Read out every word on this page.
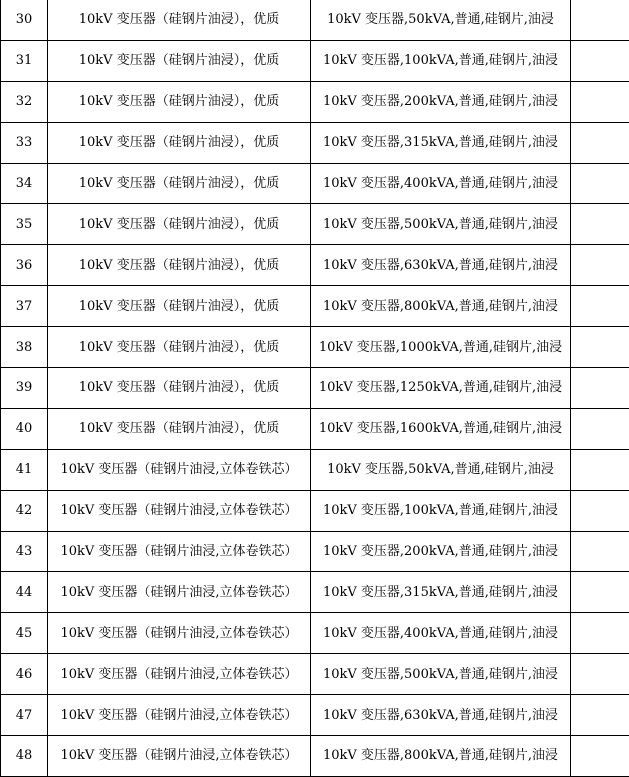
30	10kV 变压器（硅钢片油浸），优质	10kV 变压器,50kVA,普通,硅钢片,油浸	
31	10kV 变压器（硅钢片油浸），优质	10kV 变压器,100kVA,普通,硅钢片,油浸	
32	10kV 变压器（硅钢片油浸），优质	10kV 变压器,200kVA,普通,硅钢片,油浸	
33	10kV 变压器（硅钢片油浸），优质	10kV 变压器,315kVA,普通,硅钢片,油浸	
34	10kV 变压器（硅钢片油浸），优质	10kV 变压器,400kVA,普通,硅钢片,油浸	
35	10kV 变压器（硅钢片油浸），优质	10kV 变压器,500kVA,普通,硅钢片,油浸	
36	10kV 变压器（硅钢片油浸），优质	10kV 变压器,630kVA,普通,硅钢片,油浸	
37	10kV 变压器（硅钢片油浸），优质	10kV 变压器,800kVA,普通,硅钢片,油浸	
38	10kV 变压器（硅钢片油浸），优质	10kV 变压器,1000kVA,普通,硅钢片,油浸	
39	10kV 变压器（硅钢片油浸），优质	10kV 变压器,1250kVA,普通,硅钢片,油浸	
40	10kV 变压器（硅钢片油浸），优质	10kV 变压器,1600kVA,普通,硅钢片,油浸	
41	10kV 变压器（硅钢片油浸,立体卷铁芯）	10kV 变压器,50kVA,普通,硅钢片,油浸	
42	10kV 变压器（硅钢片油浸,立体卷铁芯）	10kV 变压器,100kVA,普通,硅钢片,油浸	
43	10kV 变压器（硅钢片油浸,立体卷铁芯）	10kV 变压器,200kVA,普通,硅钢片,油浸	
44	10kV 变压器（硅钢片油浸,立体卷铁芯）	10kV 变压器,315kVA,普通,硅钢片,油浸	
45	10kV 变压器（硅钢片油浸,立体卷铁芯）	10kV 变压器,400kVA,普通,硅钢片,油浸	
46	10kV 变压器（硅钢片油浸,立体卷铁芯）	10kV 变压器,500kVA,普通,硅钢片,油浸	
47	10kV 变压器（硅钢片油浸,立体卷铁芯）	10kV 变压器,630kVA,普通,硅钢片,油浸	
48	10kV 变压器（硅钢片油浸,立体卷铁芯）	10kV 变压器,800kVA,普通,硅钢片,油浸	
